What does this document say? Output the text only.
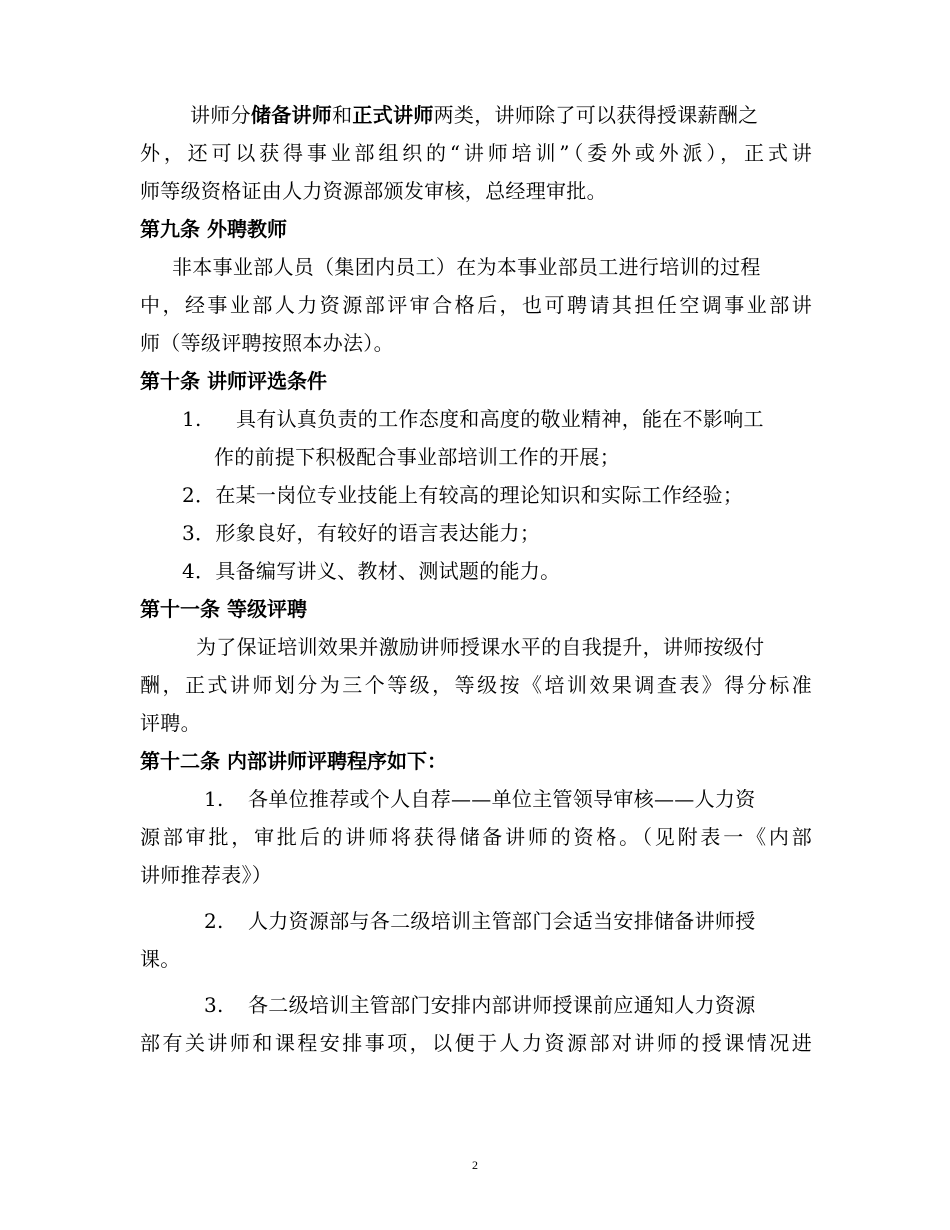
讲师分储备讲师和正式讲师两类，讲师除了可以获得授课薪酬之
外，还可以获得事业部组织的“讲师培训”（委外或外派），正式讲
师等级资格证由人力资源部颁发审核，总经理审批。
第九条 外聘教师
非本事业部人员（集团内员工）在为本事业部员工进行培训的过程
中，经事业部人力资源部评审合格后，也可聘请其担任空调事业部讲
师（等级评聘按照本办法）。
第十条 讲师评选条件
1. 具有认真负责的工作态度和高度的敬业精神，能在不影响工
作的前提下积极配合事业部培训工作的开展；
2．在某一岗位专业技能上有较高的理论知识和实际工作经验；
3．形象良好，有较好的语言表达能力；
4．具备编写讲义、教材、测试题的能力。
第十一条 等级评聘
为了保证培训效果并激励讲师授课水平的自我提升，讲师按级付
酬，正式讲师划分为三个等级，等级按《培训效果调查表》得分标准
评聘。
第十二条 内部讲师评聘程序如下：
1. 各单位推荐或个人自荐——单位主管领导审核——人力资
源部审批，审批后的讲师将获得储备讲师的资格。（见附表一《内部
讲师推荐表》）
2. 人力资源部与各二级培训主管部门会适当安排储备讲师授
课。
3. 各二级培训主管部门安排内部讲师授课前应通知人力资源
部有关讲师和课程安排事项，以便于人力资源部对讲师的授课情况进
2
